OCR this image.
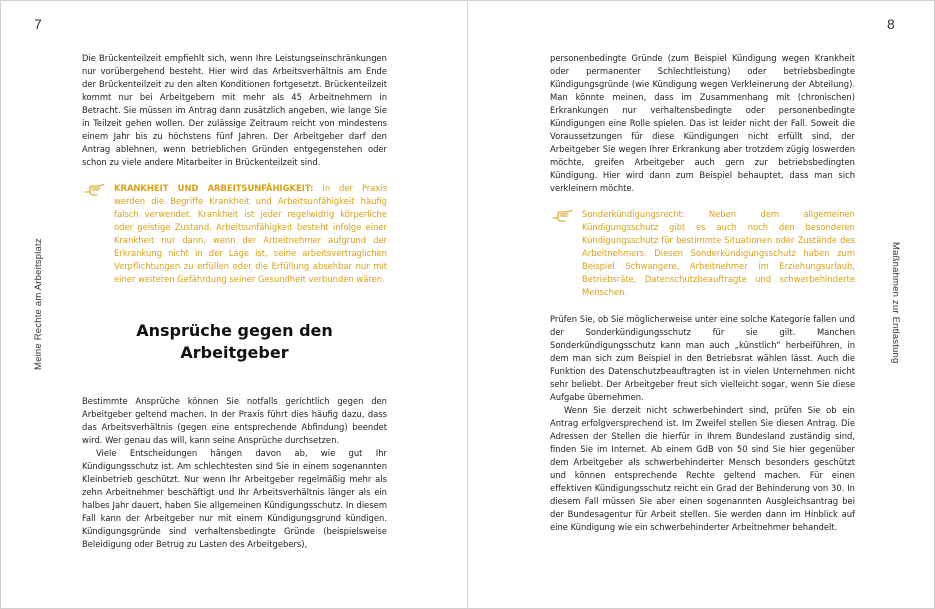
7
Meine Rechte am Arbeitsplatz

Die Brückenteilzeit empfiehlt sich, wenn Ihre Leistungseinschränkungen nur vorübergehend besteht. Hier wird das Arbeitsverhältnis am Ende der Brückenteilzeit zu den alten Konditionen fortgesetzt. Brückenteilzeit kommt nur bei Arbeitgebern mit mehr als 45 Arbeitnehmern in Betracht. Sie müssen im Antrag dann zusätzlich angeben, wie lange Sie in Teilzeit gehen wollen. Der zulässige Zeitraum reicht von mindestens einem Jahr bis zu höchstens fünf Jahren. Der Arbeitgeber darf den Antrag ablehnen, wenn betrieblichen Gründen entgegenstehen oder schon zu viele andere Mitarbeiter in Brückenteilzeit sind.

KRANKHEIT UND ARBEITSUNFÄHIGKEIT: In der Praxis werden die Begriffe Krankheit und Arbeitsunfähigkeit häufig falsch verwendet. Krankheit ist jeder regelwidrig körperliche oder geistige Zustand. Arbeitsunfähigkeit besteht infolge einer Krankheit nur dann, wenn der Arbeitnehmer aufgrund der Erkrankung nicht in der Lage ist, seine arbeitsvertraglichen Verpflichtungen zu erfüllen oder die Erfüllung absehbar nur mit einer weiteren Gefährdung seiner Gesundheit verbunden wären.
Ansprüche gegen den
Arbeitgeber

Bestimmte Ansprüche können Sie notfalls gerichtlich gegen den Arbeitgeber geltend machen. In der Praxis führt dies häufig dazu, dass das Arbeitsverhältnis (gegen eine entsprechende Abfindung) beendet wird. Wer genau das will, kann seine Ansprüche durchsetzen.

Viele Entscheidungen hängen davon ab, wie gut Ihr Kündigungsschutz ist. Am schlechtesten sind Sie in einem sogenannten Kleinbetrieb geschützt. Nur wenn Ihr Arbeitgeber regelmäßig mehr als zehn Arbeitnehmer beschäftigt und Ihr Arbeitsverhältnis länger als ein halbes Jahr dauert, haben Sie allgemeinen Kündigungsschutz. In diesem Fall kann der Arbeitgeber nur mit einem Kündigungsgrund kündigen. Kündigungsgründe sind verhaltensbedingte Gründe (beispielsweise Beleidigung oder Betrug zu Lasten des Arbeitgebers),

8
Maßnahmen zur Entlastung

personenbedingte Gründe (zum Beispiel Kündigung wegen Krankheit oder permanenter Schlechtleistung) oder betriebsbedingte Kündigungsgründe (wie Kündigung wegen Verkleinerung der Abteilung). Man könnte meinen, dass im Zusammenhang mit (chronischen) Erkrankungen nur verhaltensbedingte oder personenbedingte Kündigungen eine Rolle spielen. Das ist leider nicht der Fall. Soweit die Voraussetzungen für diese Kündigungen nicht erfüllt sind, der Arbeitgeber Sie wegen Ihrer Erkrankung aber trotzdem zügig loswerden möchte, greifen Arbeitgeber auch gern zur betriebsbedingten Kündigung. Hier wird dann zum Beispiel behauptet, dass man sich verkleinern möchte.

Sonderkündigungsrecht: Neben dem allgemeinen Kündigungsschutz gibt es auch noch den besonderen Kündigungsschutz für bestimmte Situationen oder Zustände des Arbeitnehmers. Diesen Sonderkündigungsschutz haben zum Beispiel Schwangere, Arbeitnehmer im Erziehungsurlaub, Betriebsräte, Datenschutzbeauftragte und schwerbehinderte Menschen.

Prüfen Sie, ob Sie möglicherweise unter eine solche Kategorie fallen und der Sonderkündigungsschutz für sie gilt. Manchen Sonderkündigungsschutz kann man auch „künstlich“ herbeiführen, in dem man sich zum Beispiel in den Betriebsrat wählen lässt. Auch die Funktion des Datenschutzbeauftragten ist in vielen Unternehmen nicht sehr beliebt. Der Arbeitgeber freut sich vielleicht sogar, wenn Sie diese Aufgabe übernehmen.

Wenn Sie derzeit nicht schwerbehindert sind, prüfen Sie ob ein Antrag erfolgversprechend ist. Im Zweifel stellen Sie diesen Antrag. Die Adressen der Stellen die hierfür in Ihrem Bundesland zuständig sind, finden Sie im Internet. Ab einem GdB von 50 sind Sie hier gegenüber dem Arbeitgeber als schwerbehinderter Mensch besonders geschützt und können entsprechende Rechte geltend machen. Für einen effektiven Kündigungsschutz reicht ein Grad der Behinderung von 30. In diesem Fall müssen Sie aber einen sogenannten Ausgleichsantrag bei der Bundesagentur für Arbeit stellen. Sie werden dann im Hinblick auf eine Kündigung wie ein schwerbehinderter Arbeitnehmer behandelt.
